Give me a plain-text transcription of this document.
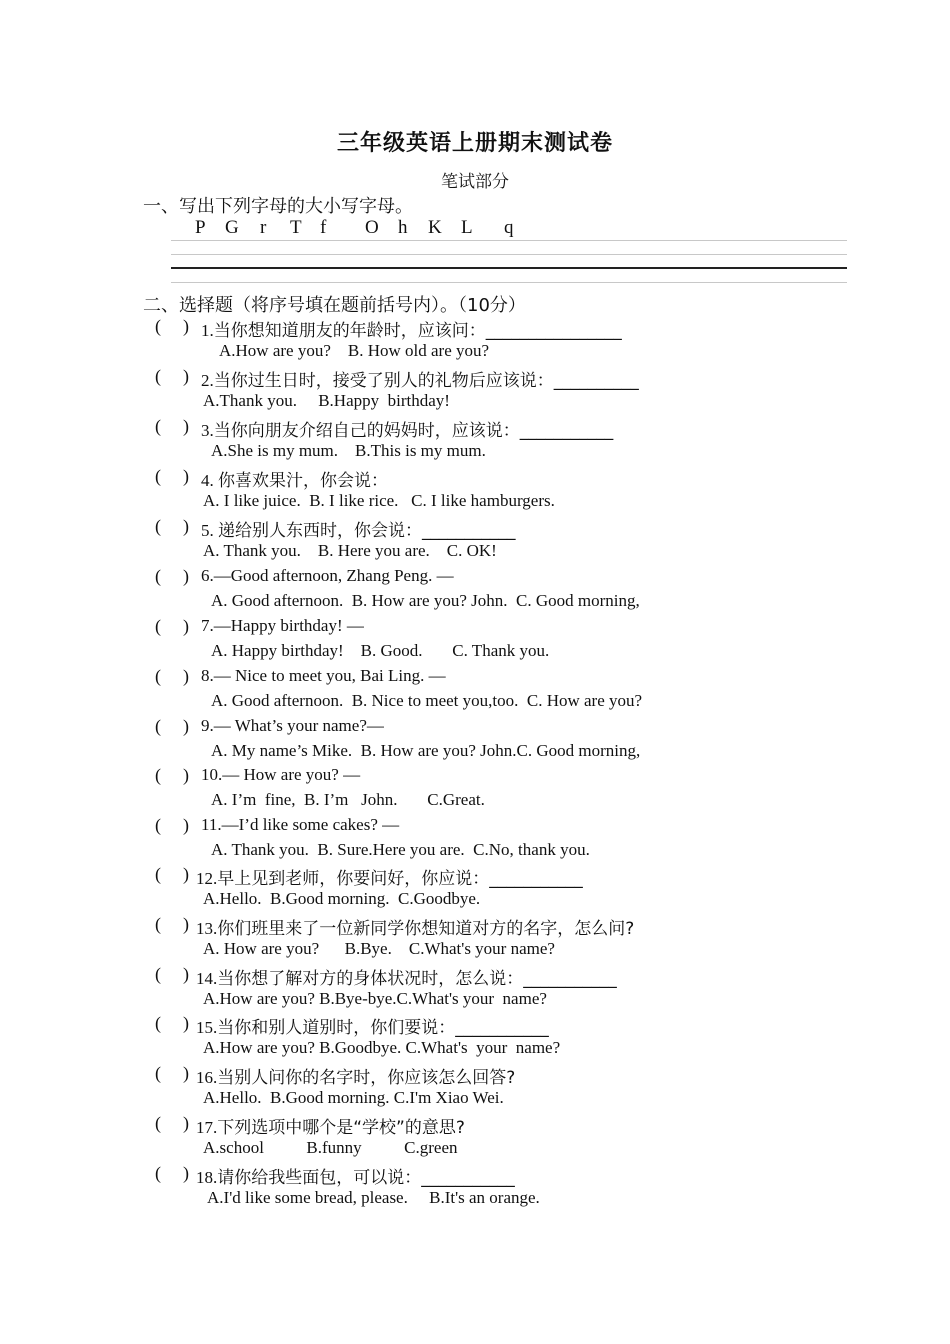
三年级英语上册期末测试卷
笔试部分
一、写出下列字母的大小写字母。
P G r T f O h K L q
二、选择题（将序号填在题前括号内）。（10分）
( ) 1.当你想知道朋友的年龄时，应该问：________________
A.How are you?    B. How old are you?
( ) 2.当你过生日时，接受了别人的礼物后应该说：__________
A.Thank you.     B.Happy  birthday!
( ) 3.当你向朋友介绍自己的妈妈时，应该说：___________
A.She is my mum.    B.This is my mum.
( ) 4. 你喜欢果汁，你会说：
A. I like juice.  B. I like rice.   C. I like hamburgers.
( ) 5. 递给别人东西时，你会说：___________
A. Thank you.    B. Here you are.    C. OK!
( ) 6.—Good afternoon, Zhang Peng. —
A. Good afternoon.  B. How are you? John.  C. Good morning,
( ) 7.—Happy birthday! —
A. Happy birthday!    B. Good.       C. Thank you.
( ) 8.— Nice to meet you, Bai Ling. —
A. Good afternoon.  B. Nice to meet you,too.  C. How are you?
( ) 9.— What’s your name?—
A. My name’s Mike.  B. How are you? John.C. Good morning,
( ) 10.— How are you? —
A. I’m  fine,  B. I’m   John.       C.Great.
( ) 11.—I’d like some cakes? —
A. Thank you.  B. Sure.Here you are.  C.No, thank you.
( ) 12.早上见到老师，你要问好，你应说：___________
A.Hello.  B.Good morning.  C.Goodbye.
( ) 13.你们班里来了一位新同学你想知道对方的名字，怎么问?
A. How are you?      B.Bye.    C.What's your name?
( ) 14.当你想了解对方的身体状况时，怎么说：___________
A.How are you? B.Bye-bye.C.What's your  name?
( ) 15.当你和别人道别时，你们要说：___________
A.How are you? B.Goodbye. C.What's  your  name?
( ) 16.当别人问你的名字时，你应该怎么回答?
A.Hello.  B.Good morning. C.I'm Xiao Wei.
( ) 17.下列选项中哪个是“学校”的意思?
A.school          B.funny          C.green
( ) 18.请你给我些面包，可以说：___________
A.I'd like some bread, please.     B.It's an orange.
